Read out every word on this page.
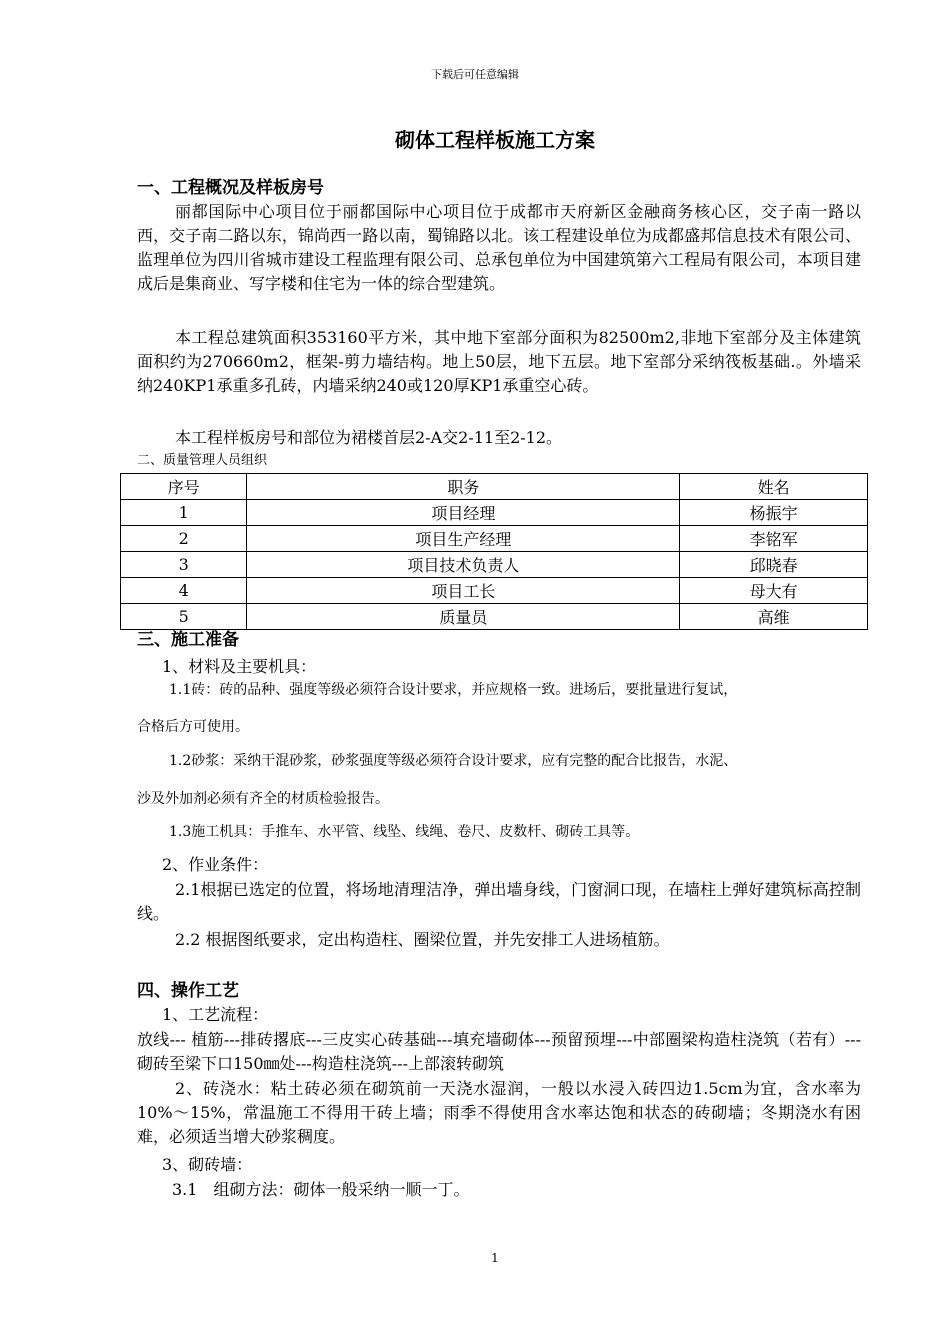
下载后可任意编辑
砌体工程样板施工方案
一、工程概况及样板房号
丽都国际中心项目位于丽都国际中心项目位于成都市天府新区金融商务核心区，交子南一路以西，交子南二路以东，锦尚西一路以南，蜀锦路以北。该工程建设单位为成都盛邦信息技术有限公司、监理单位为四川省城市建设工程监理有限公司、总承包单位为中国建筑第六工程局有限公司，本项目建成后是集商业、写字楼和住宅为一体的综合型建筑。
本工程总建筑面积353160平方米，其中地下室部分面积为82500m2,非地下室部分及主体建筑面积约为270660m2，框架-剪力墙结构。地上50层，地下五层。地下室部分采纳筏板基础.。外墙采纳240KP1承重多孔砖，内墙采纳240或120厚KP1承重空心砖。
本工程样板房号和部位为裙楼首层2-A交2-11至2-12。
二、质量管理人员组织
序号	职务	姓名
1	项目经理	杨振宇
2	项目生产经理	李铭军
3	项目技术负责人	邱晓春
4	项目工长	母大有
5	质量员	高维
三、施工准备
1、材料及主要机具：
1.1砖：砖的品种、强度等级必须符合设计要求，并应规格一致。进场后，要批量进行复试，
合格后方可使用。
1.2砂浆：采纳干混砂浆，砂浆强度等级必须符合设计要求，应有完整的配合比报告，水泥、
沙及外加剂必须有齐全的材质检验报告。
1.3施工机具：手推车、水平管、线坠、线绳、卷尺、皮数杆、砌砖工具等。
2、作业条件：
2.1根据已选定的位置，将场地清理洁净，弹出墙身线，门窗洞口现，在墙柱上弹好建筑标高控制线。
2.2 根据图纸要求，定出构造柱、圈梁位置，并先安排工人进场植筋。
四、操作工艺
1、工艺流程：
放线--- 植筋---排砖撂底---三皮实心砖基础---填充墙砌体---预留预埋---中部圈梁构造柱浇筑（若有）---砌砖至梁下口150㎜处---构造柱浇筑---上部滚转砌筑
2、砖浇水：粘土砖必须在砌筑前一天浇水湿润，一般以水浸入砖四边1.5cm为宜，含水率为10%～15%，常温施工不得用干砖上墙；雨季不得使用含水率达饱和状态的砖砌墙；冬期浇水有困难，必须适当增大砂浆稠度。
3、砌砖墙：
3.1　组砌方法：砌体一般采纳一顺一丁。
1
